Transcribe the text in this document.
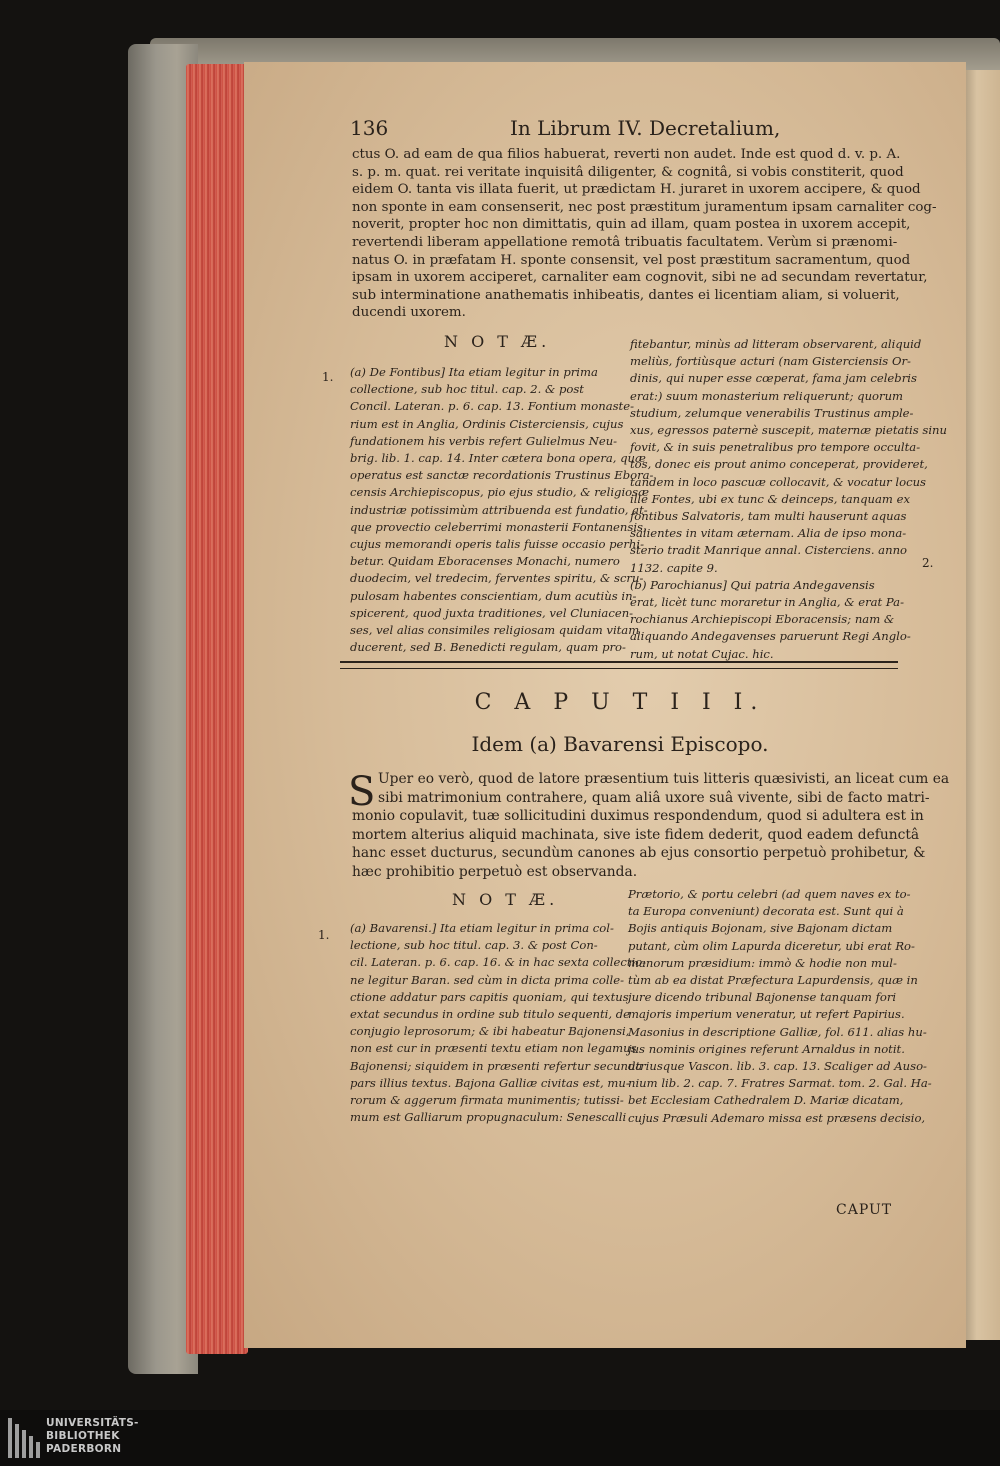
136	In Librum IV. Decretalium,
ctus O. ad eam de qua filios habuerat, reverti non audet. Inde est quod d. v. p. A.
s. p. m. quat. rei veritate inquisitâ diligenter, & cognitâ, si vobis constiterit, quod
eidem O. tanta vis illata fuerit, ut prædictam H. juraret in uxorem accipere, & quod
non sponte in eam consenserit, nec post præstitum juramentum ipsam carnaliter cog-
noverit, propter hoc non dimittatis, quin ad illam, quam postea in uxorem accepit,
revertendi liberam appellatione remotâ tribuatis facultatem. Verùm si prænomi-
natus O. in præfatam H. sponte consensit, vel post præstitum sacramentum, quod
ipsam in uxorem acciperet, carnaliter eam cognovit, sibi ne ad secundam revertatur,
sub interminatione anathematis inhibeatis, dantes ei licentiam aliam, si voluerit,
ducendi uxorem.
N O T Æ.
1.
2.
(a) De Fontibus] Ita etiam legitur in prima
collectione, sub hoc titul. cap. 2. & post
Concil. Lateran. p. 6. cap. 13. Fontium monaste-
rium est in Anglia, Ordinis Cisterciensis, cujus
fundationem his verbis refert Gulielmus Neu-
brig. lib. 1. cap. 14. Inter cætera bona opera, quæ
operatus est sanctæ recordationis Trustinus Ebora-
censis Archiepiscopus, pio ejus studio, & religiosæ
industriæ potissimùm attribuenda est fundatio, at-
que provectio celeberrimi monasterii Fontanensis,
cujus memorandi operis talis fuisse occasio perhi-
betur. Quidam Eboracenses Monachi, numero
duodecim, vel tredecim, ferventes spiritu, & scru-
pulosam habentes conscientiam, dum acutiùs in-
spicerent, quod juxta traditiones, vel Cluniacen-
ses, vel alias consimiles religiosam quidam vitam
ducerent, sed B. Benedicti regulam, quam pro-
fitebantur, minùs ad litteram observarent, aliquid
meliùs, fortiùsque acturi (nam Gisterciensis Or-
dinis, qui nuper esse cœperat, fama jam celebris
erat:) suum monasterium reliquerunt; quorum
studium, zelumque venerabilis Trustinus ample-
xus, egressos paternè suscepit, maternæ pietatis sinu
fovit, & in suis penetralibus pro tempore occulta-
tos, donec eis prout animo conceperat, provideret,
tandem in loco pascuæ collocavit, & vocatur locus
ille Fontes, ubi ex tunc & deinceps, tanquam ex
fontibus Salvatoris, tam multi hauserunt aquas
salientes in vitam æternam. Alia de ipso mona-
sterio tradit Manrique annal. Cisterciens. anno
1132. capite 9.
(b) Parochianus] Qui patria Andegavensis
erat, licèt tunc moraretur in Anglia, & erat Pa-
rochianus Archiepiscopi Eboracensis; nam &
aliquando Andegavenses paruerunt Regi Anglo-
rum, ut notat Cujac. hic.
C A P U T I I I.
Idem (a) Bavarensi Episcopo.
S Uper eo verò, quod de latore præsentium tuis litteris quæsivisti, an liceat cum ea
sibi matrimonium contrahere, quam aliâ uxore suâ vivente, sibi de facto matri-
monio copulavit, tuæ sollicitudini duximus respondendum, quod si adultera est in
mortem alterius aliquid machinata, sive iste fidem dederit, quod eadem defunctâ
hanc esset ducturus, secundùm canones ab ejus consortio perpetuò prohibetur, &
hæc prohibitio perpetuò est observanda.
N O T Æ.
1. (a) Bavarensi.] Ita etiam legitur in prima col-
lectione, sub hoc titul. cap. 3. & post Con-
cil. Lateran. p. 6. cap. 16. & in hac sexta collectio-
ne legitur Baran. sed cùm in dicta prima colle-
ctione addatur pars capitis quoniam, qui textus
extat secundus in ordine sub titulo sequenti, de
conjugio leprosorum; & ibi habeatur Bajonensi,
non est cur in præsenti textu etiam non legamus
Bajonensi; siquidem in præsenti refertur secunda
pars illius textus. Bajona Galliæ civitas est, mu-
rorum & aggerum firmata munimentis; tutissi-
mum est Galliarum propugnaculum: Senescalli
Prætorio, & portu celebri (ad quem naves ex to-
ta Europa conveniunt) decorata est. Sunt qui à
Bojis antiquis Bojonam, sive Bajonam dictam
putant, cùm olim Lapurda diceretur, ubi erat Ro-
manorum præsidium: immò & hodie non mul-
tùm ab ea distat Præfectura Lapurdensis, quæ in
jure dicendo tribunal Bajonense tanquam fori
majoris imperium veneratur, ut refert Papirius.
Masonius in descriptione Galliæ, fol. 611. alias hu-
jus nominis origines referunt Arnaldus in notit.
utriusque Vascon. lib. 3. cap. 13. Scaliger ad Auso-
nium lib. 2. cap. 7. Fratres Sarmat. tom. 2. Gal. Ha-
bet Ecclesiam Cathedralem D. Mariæ dicatam,
cujus Præsuli Ademaro missa est præsens decisio,
CAPUT
UNIVERSITÄTS-
BIBLIOTHEK
PADERBORN
